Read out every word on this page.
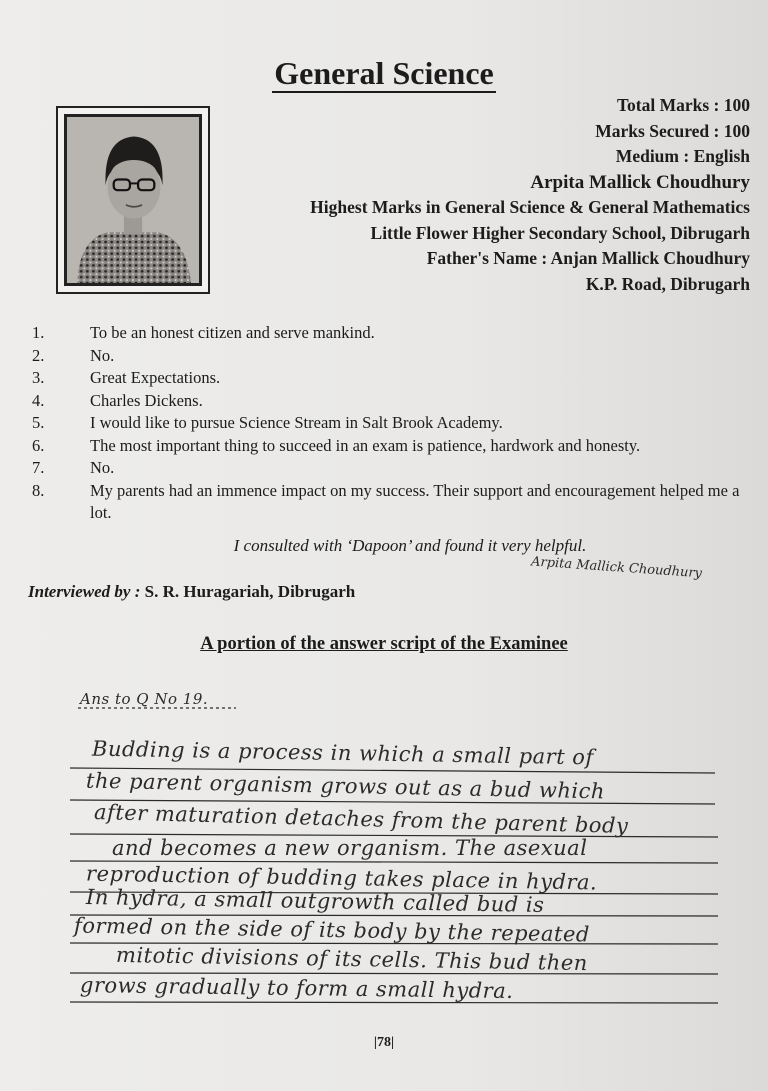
General Science
Total Marks : 100
Marks Secured : 100
Medium : English
Arpita Mallick Choudhury
Highest Marks in General Science & General Mathematics
Little Flower Higher Secondary School, Dibrugarh
Father's Name : Anjan Mallick Choudhury
K.P. Road, Dibrugarh
1.	To be an honest citizen and serve mankind.
2.	No.
3.	Great Expectations.
4.	Charles Dickens.
5.	I would like to pursue Science Stream in Salt Brook Academy.
6.	The most important thing to succeed in an exam is patience, hardwork and honesty.
7.	No.
8.	My parents had an immence impact on my success. Their support and encouragement helped me a lot.
I consulted with ‘Dapoon’ and found it very helpful.
Interviewed by : S. R. Huragariah, Dibrugarh
Arpita Mallick Choudhury
A portion of the answer script of the Examinee
Ans to Q No 19.
Budding is a process in which a small part of
the parent organism grows out as a bud which
after maturation detaches from the parent body
and becomes a new organism. The asexual
reproduction of budding takes place in hydra.
In hydra, a small outgrowth called bud is
formed on the side of its body by the repeated
mitotic divisions of its cells. This bud then
grows gradually to form a small hydra.
|78|
